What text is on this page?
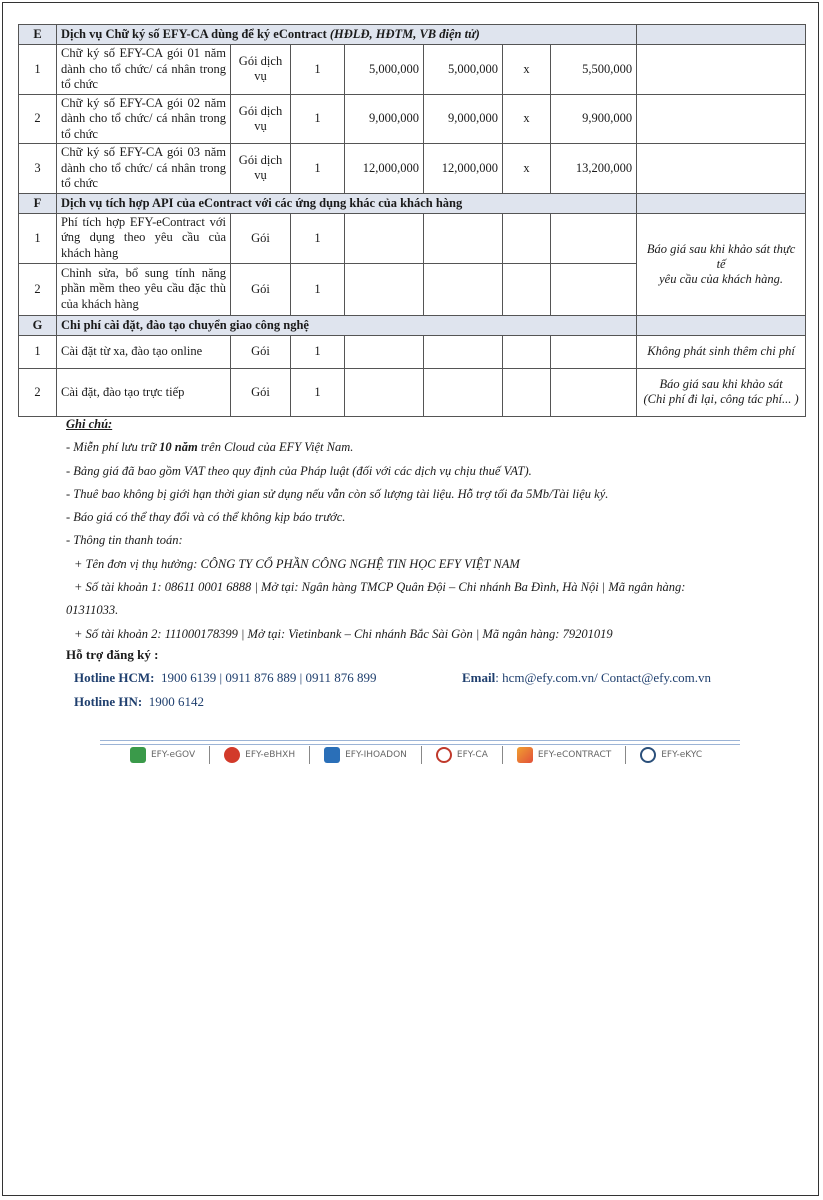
E	Dịch vụ Chữ ký số EFY-CA dùng để ký eContract (HĐLĐ, HĐTM, VB điện tử)							
1	Chữ ký số EFY-CA gói 01 năm dành cho tổ chức/ cá nhân trong tổ chức	Gói dịch vụ	1	5,000,000	5,000,000	x	5,500,000	
2	Chữ ký số EFY-CA gói 02 năm dành cho tổ chức/ cá nhân trong tổ chức	Gói dịch vụ	1	9,000,000	9,000,000	x	9,900,000	
3	Chữ ký số EFY-CA gói 03 năm dành cho tổ chức/ cá nhân trong tổ chức	Gói dịch vụ	1	12,000,000	12,000,000	x	13,200,000	
F	Dịch vụ tích hợp API của eContract với các ứng dụng khác của khách hàng							
1	Phí tích hợp EFY-eContract với ứng dụng theo yêu cầu của khách hàng	Gói	1					Báo giá sau khi khảo sát thực tế
yêu cầu của khách hàng.

2	Chỉnh sửa, bổ sung tính năng phần mềm theo yêu cầu đặc thù của khách hàng	Gói	1					
G	Chi phí cài đặt, đào tạo chuyển giao công nghệ							
1	Cài đặt từ xa, đào tạo online	Gói	1					Không phát sinh thêm chi phí
2	Cài đặt, đào tạo trực tiếp	Gói	1					Báo giá sau khi khảo sát
(Chi phí đi lại, công tác phí... )
Ghi chú:
- Miễn phí lưu trữ 10 năm trên Cloud của EFY Việt Nam.
- Bảng giá đã bao gồm VAT theo quy định của Pháp luật (đối với các dịch vụ chịu thuế VAT).
- Thuê bao không bị giới hạn thời gian sử dụng nếu vẫn còn số lượng tài liệu. Hỗ trợ tối đa 5Mb/Tài liệu ký.
- Báo giá có thể thay đổi và có thể không kịp báo trước.
- Thông tin thanh toán:
+ Tên đơn vị thụ hưởng: CÔNG TY CỔ PHẦN CÔNG NGHỆ TIN HỌC EFY VIỆT NAM
+ Số tài khoản 1: 08611 0001 6888 | Mở tại: Ngân hàng TMCP Quân Đội – Chi nhánh Ba Đình, Hà Nội | Mã ngân hàng:
01311033.
+ Số tài khoản 2: 111000178399 | Mở tại: Vietinbank – Chi nhánh Bắc Sài Gòn | Mã ngân hàng: 79201019
Hỗ trợ đăng ký :
Hotline HCM: 1900 6139 | 0911 876 889 | 0911 876 899	Email: hcm@efy.com.vn/ Contact@efy.com.vn
Hotline HN: 1900 6142
EFY-eGOV	EFY-eBHXH	EFY-IHOADON	EFY-CA	EFY-eCONTRACT	EFY-eKYC
